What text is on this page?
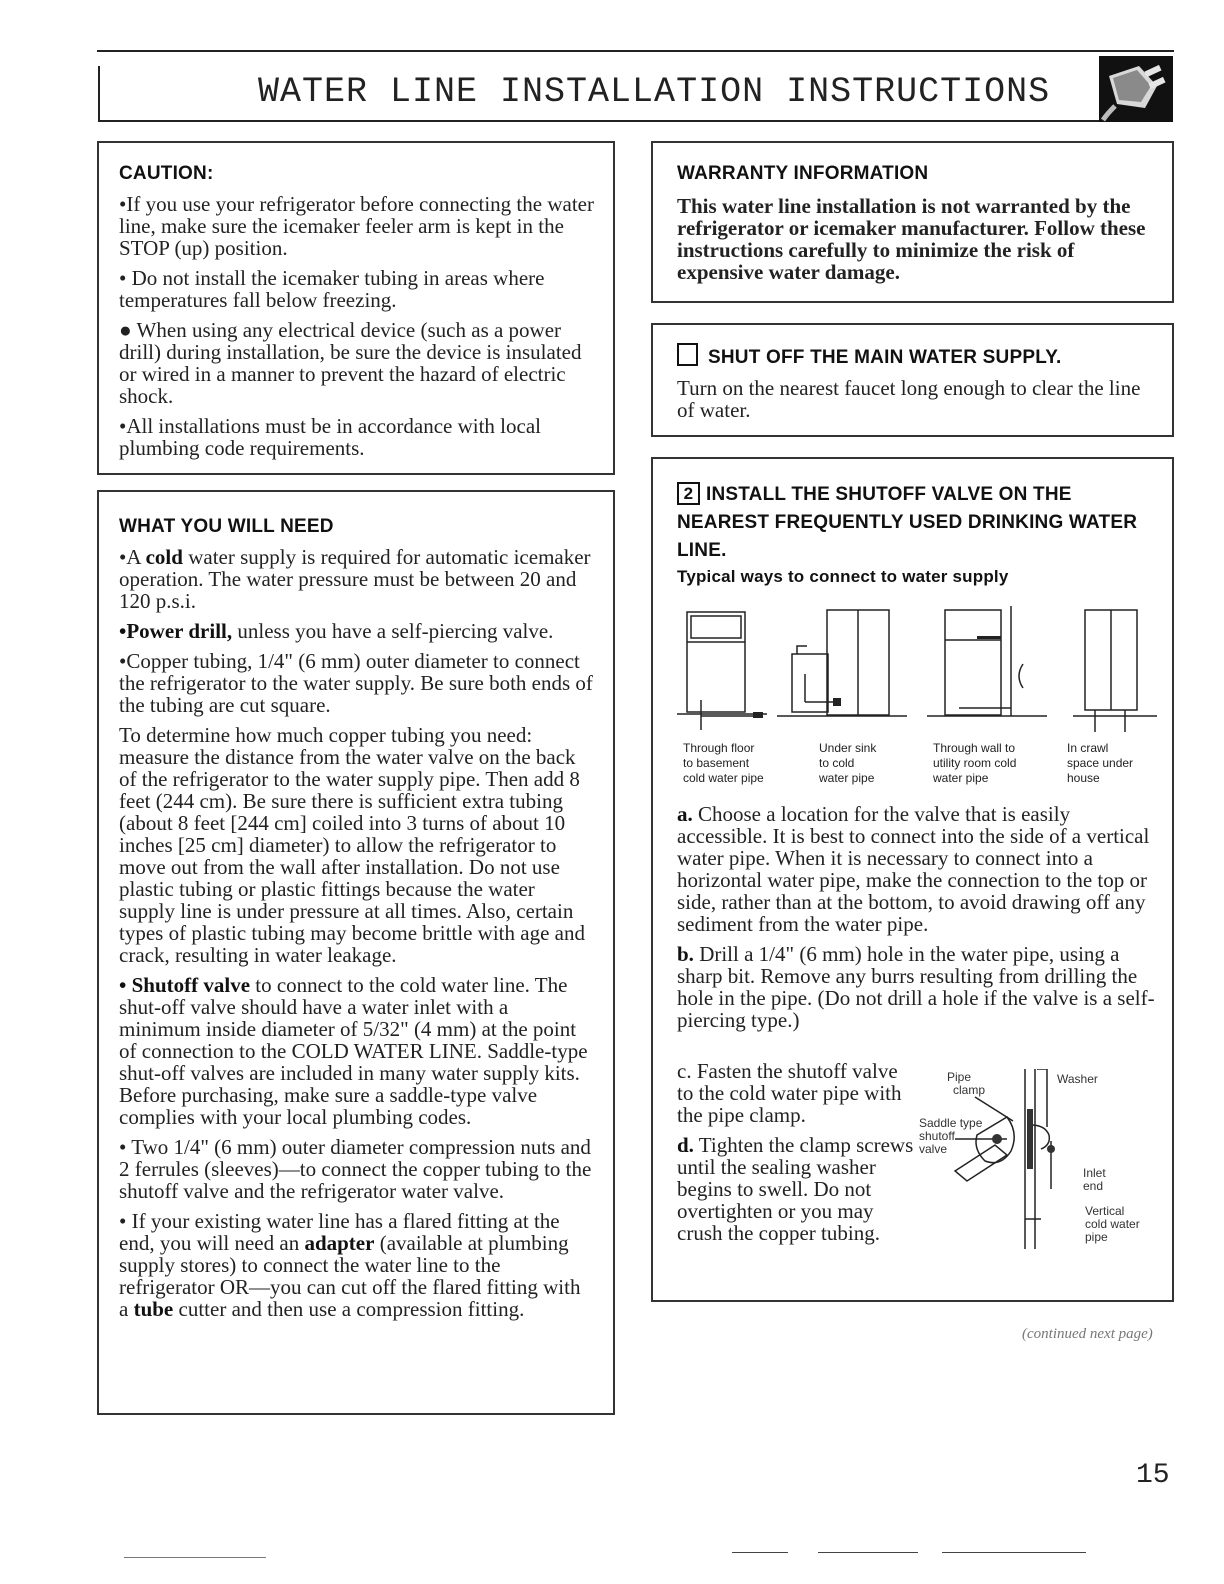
WATER LINE INSTALLATION INSTRUCTIONS
CAUTION:

•If you use your refrigerator before connecting the water line, make sure the icemaker feeler arm is kept in the STOP (up) position.

• Do not install the icemaker tubing in areas where temperatures fall below freezing.

● When using any electrical device (such as a power drill) during installation, be sure the device is insulated or wired in a manner to prevent the hazard of electric shock.

•All installations must be in accordance with local plumbing code requirements.

WHAT YOU WILL NEED

•A cold water supply is required for automatic icemaker operation. The water pressure must be between 20 and 120 p.s.i.

•Power drill, unless you have a self-piercing valve.

•Copper tubing, 1/4" (6 mm) outer diameter to connect the refrigerator to the water supply. Be sure both ends of the tubing are cut square.

To determine how much copper tubing you need: measure the distance from the water valve on the back of the refrigerator to the water supply pipe. Then add 8 feet (244 cm). Be sure there is sufficient extra tubing (about 8 feet [244 cm] coiled into 3 turns of about 10 inches [25 cm] diameter) to allow the refrigerator to move out from the wall after installation. Do not use plastic tubing or plastic fittings because the water supply line is under pressure at all times. Also, certain types of plastic tubing may become brittle with age and crack, resulting in water leakage.

• Shutoff valve to connect to the cold water line. The shut-off valve should have a water inlet with a minimum inside diameter of 5/32" (4 mm) at the point of connection to the COLD WATER LINE. Saddle-type shut-off valves are included in many water supply kits. Before purchasing, make sure a saddle-type valve complies with your local plumbing codes.

• Two 1/4" (6 mm) outer diameter compression nuts and 2 ferrules (sleeves)—to connect the copper tubing to the shutoff valve and the refrigerator water valve.

• If your existing water line has a flared fitting at the end, you will need an adapter (available at plumbing supply stores) to connect the water line to the refrigerator OR—you can cut off the flared fitting with a tube cutter and then use a compression fitting.

WARRANTY INFORMATION

This water line installation is not warranted by the refrigerator or icemaker manufacturer. Follow these instructions carefully to minimize the risk of expensive water damage.

SHUT OFF THE MAIN WATER SUPPLY.

Turn on the nearest faucet long enough to clear the line of water.

2 INSTALL THE SHUTOFF VALVE ON THE NEAREST FREQUENTLY USED DRINKING WATER LINE.
Typical ways to connect to water supply
Through floor
to basement
cold water pipe
Under sink
to cold
water pipe
Through wall to
utility room cold
water pipe
In crawl
space under
house

a. Choose a location for the valve that is easily accessible. It is best to connect into the side of a vertical water pipe. When it is necessary to connect into a horizontal water pipe, make the connection to the top or side, rather than at the bottom, to avoid drawing off any sediment from the water pipe.

b. Drill a 1/4" (6 mm) hole in the water pipe, using a sharp bit. Remove any burrs resulting from drilling the hole in the pipe. (Do not drill a hole if the valve is a self-piercing type.)

c. Fasten the shutoff valve to the cold water pipe with the pipe clamp.

d. Tighten the clamp screws until the sealing washer begins to swell. Do not overtighten or you may crush the copper tubing.

Pipe
clamp
Washer
Saddle type
shutoff
valve
Inlet
end
Vertical
cold water
pipe
(continued next page)
15
